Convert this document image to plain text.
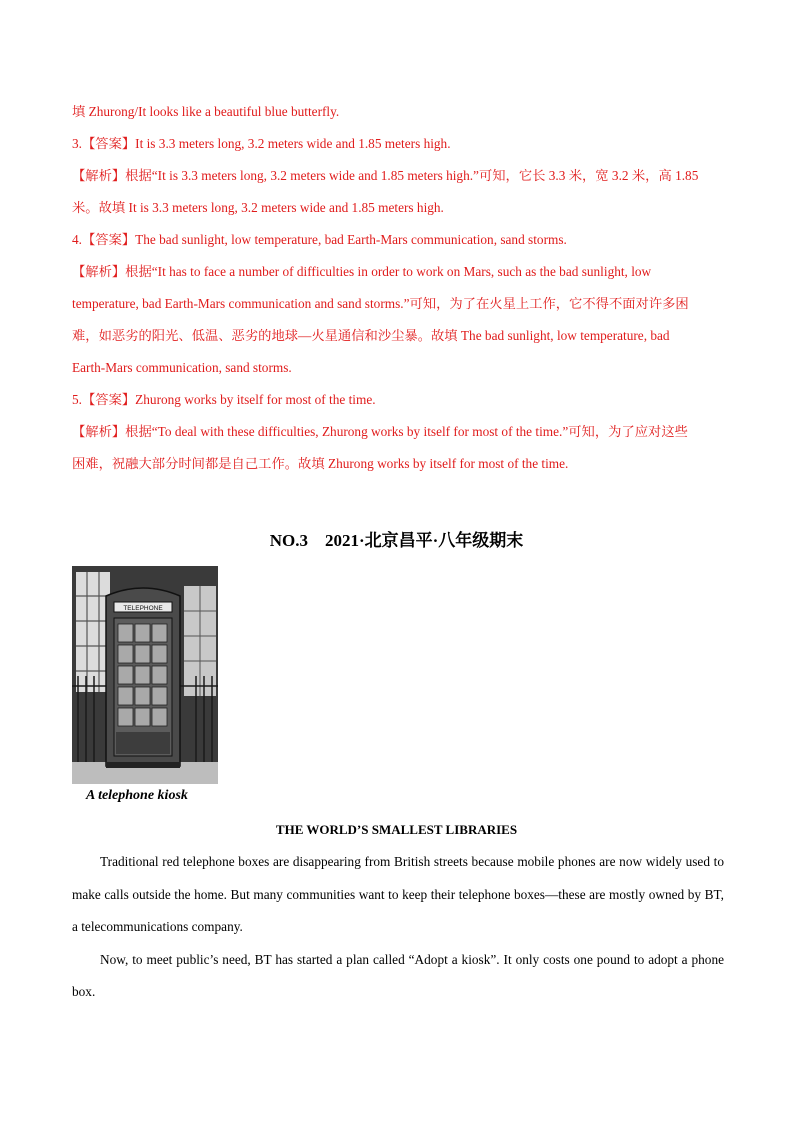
填 Zhurong/It looks like a beautiful blue butterfly.
3.【答案】It is 3.3 meters long, 3.2 meters wide and 1.85 meters high.
【解析】根据“It is 3.3 meters long, 3.2 meters wide and 1.85 meters high.”可知，它长 3.3 米，宽 3.2 米，高 1.85
米。故填 It is 3.3 meters long, 3.2 meters wide and 1.85 meters high.
4.【答案】The bad sunlight, low temperature, bad Earth-Mars communication, sand storms.
【解析】根据“It has to face a number of difficulties in order to work on Mars, such as the bad sunlight, low
temperature, bad Earth-Mars communication and sand storms.”可知，为了在火星上工作，它不得不面对许多困
难，如恶劣的阳光、低温、恶劣的地球—火星通信和沙尘暴。故填 The bad sunlight, low temperature, bad
Earth-Mars communication, sand storms.
5.【答案】Zhurong works by itself for most of the time.
【解析】根据“To deal with these difficulties, Zhurong works by itself for most of the time.”可知，为了应对这些
困难，祝融大部分时间都是自己工作。故填 Zhurong works by itself for most of the time.
NO.3　2021·北京昌平·八年级期末
TELEPHONE
A telephone kiosk
THE WORLD’S SMALLEST LIBRARIES

Traditional red telephone boxes are disappearing from British streets because mobile phones are now widely used to make calls outside the home. But many communities want to keep their telephone boxes—these are mostly owned by BT, a telecommunications company.

Now, to meet public’s need, BT has started a plan called “Adopt a kiosk”. It only costs one pound to adopt a phone box.
